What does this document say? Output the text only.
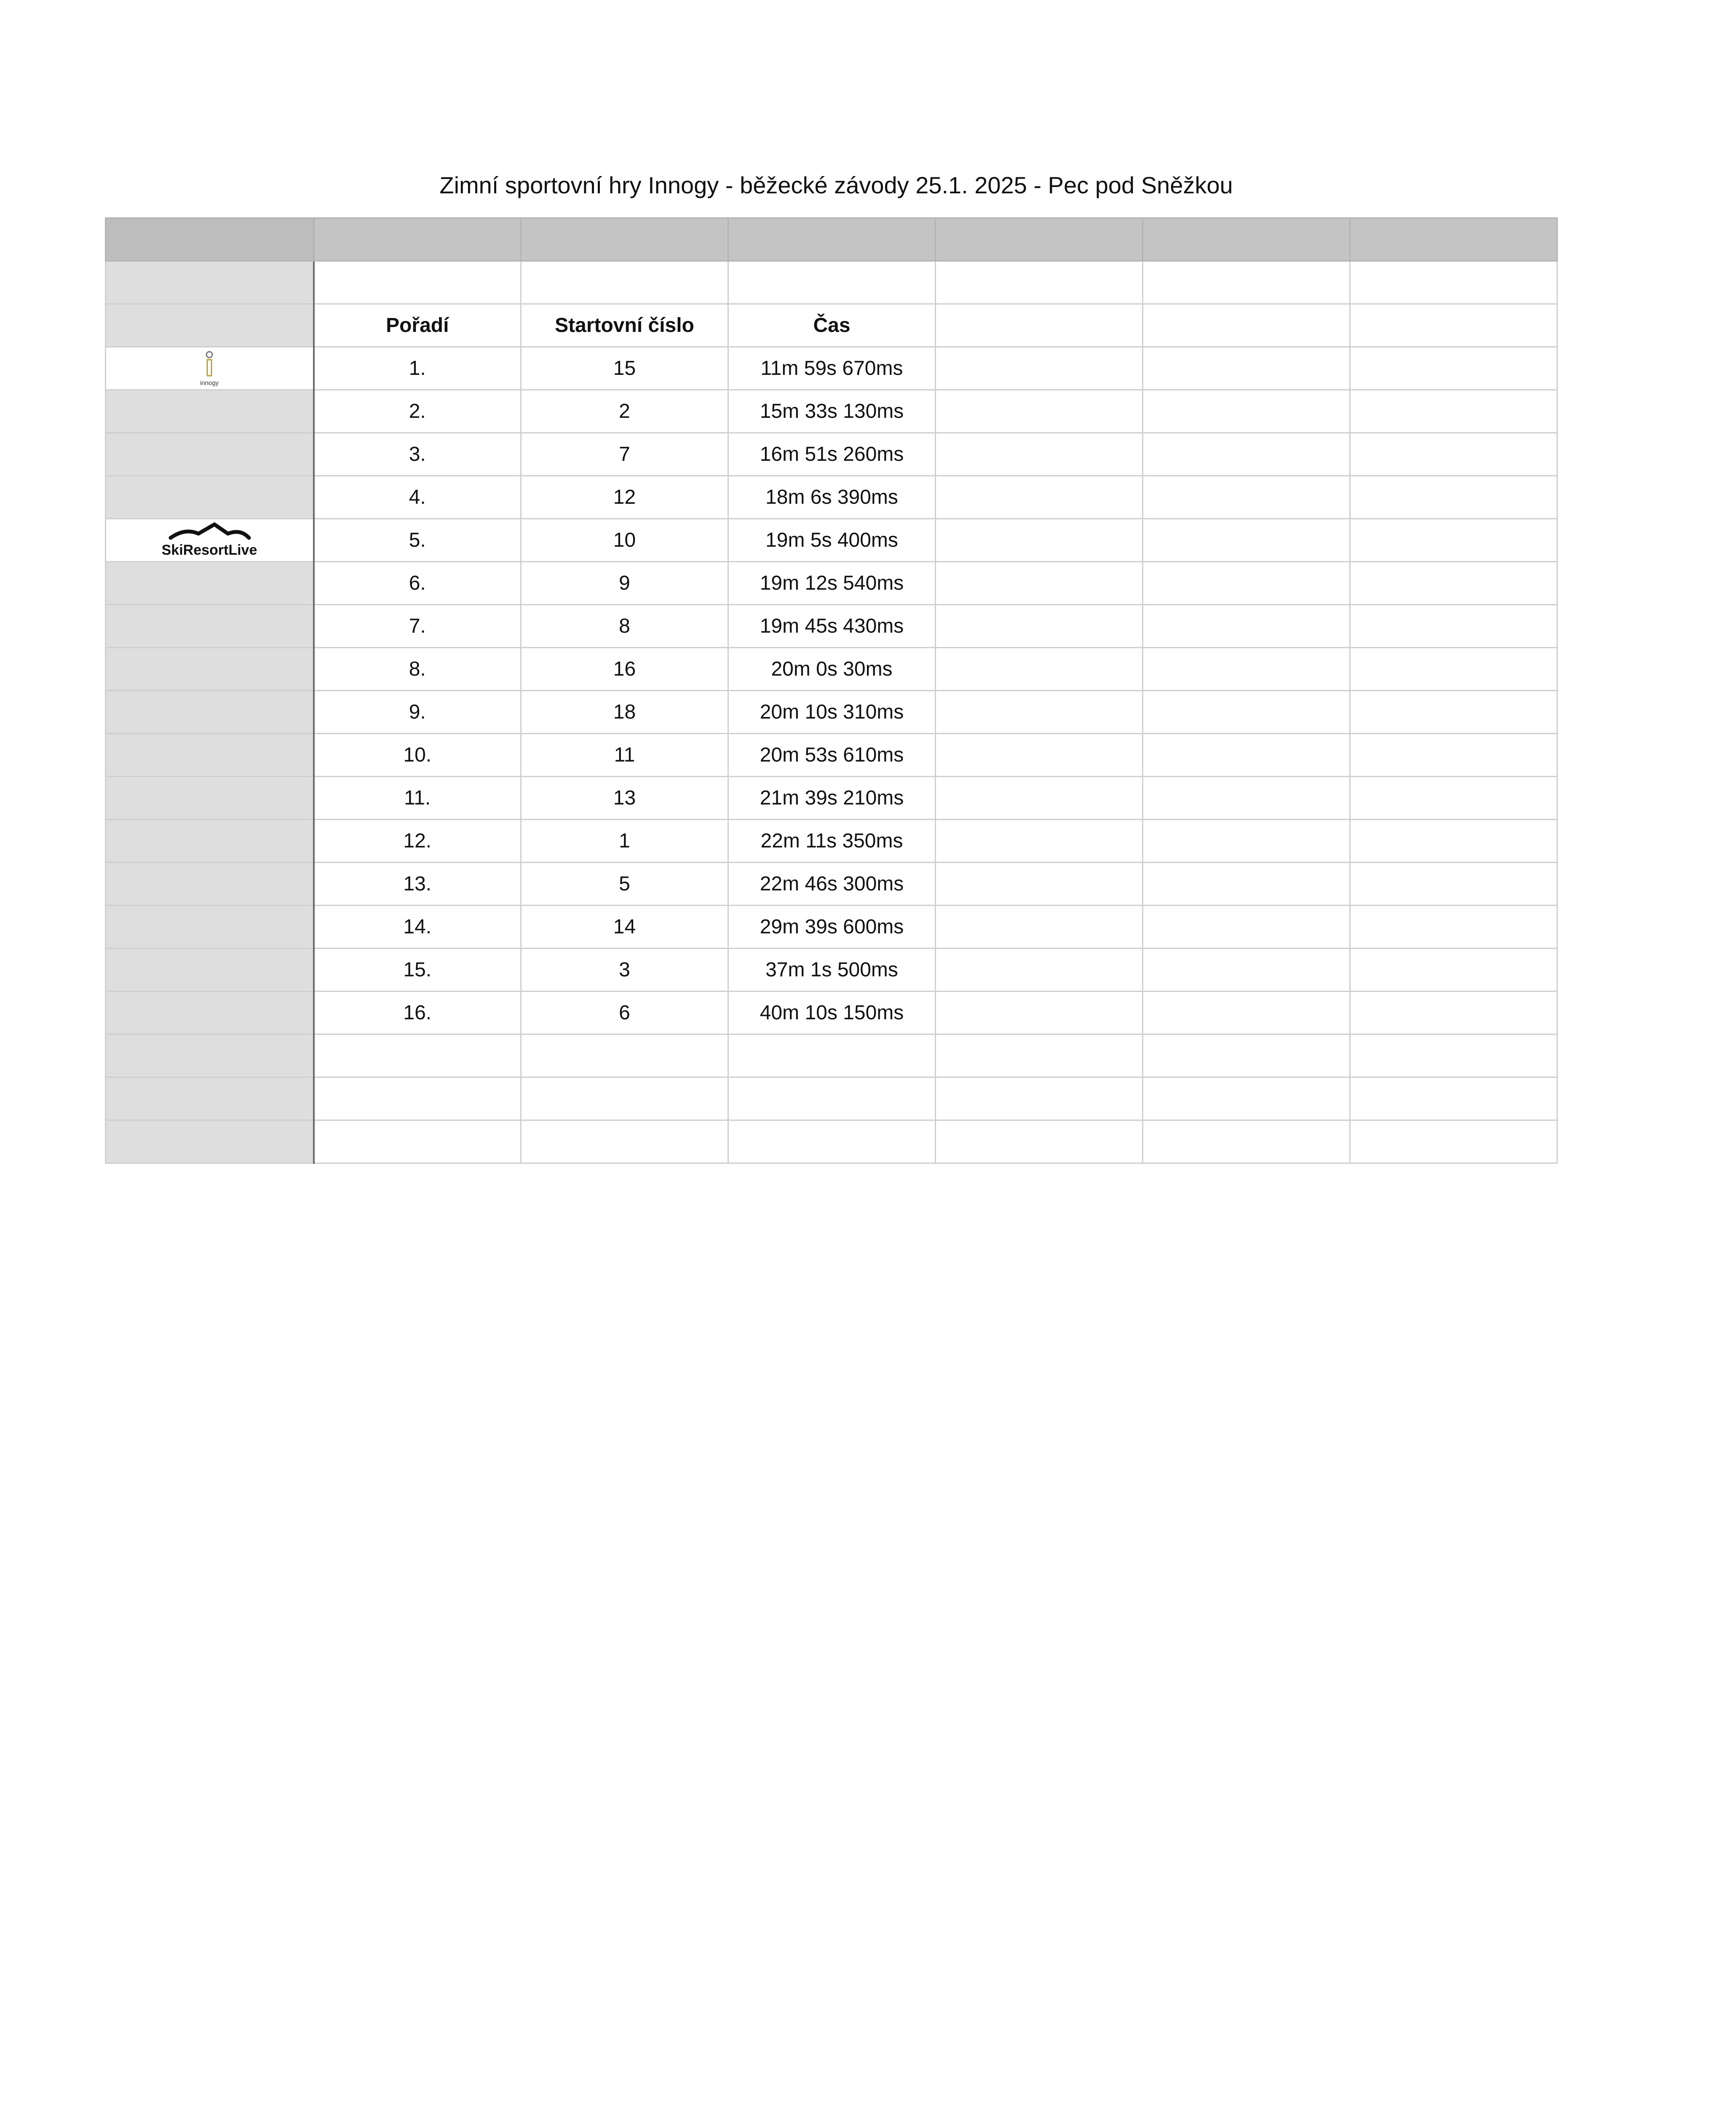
Zimní sportovní hry Innogy - běžecké závody 25.1. 2025 - Pec pod Sněžkou

	Pořadí	Startovní číslo	Čas			

innogy	1.	15	11m 59s 670ms			
	2.	2	15m 33s 130ms			
	3.	7	16m 51s 260ms			
	4.	12	18m 6s 390ms			

SkiResortLive	5.	10	19m 5s 400ms			
	6.	9	19m 12s 540ms			
	7.	8	19m 45s 430ms			
	8.	16	20m 0s 30ms			
	9.	18	20m 10s 310ms			
	10.	11	20m 53s 610ms			
	11.	13	21m 39s 210ms			
	12.	1	22m 11s 350ms			
	13.	5	22m 46s 300ms			
	14.	14	29m 39s 600ms			
	15.	3	37m 1s 500ms			
	16.	6	40m 10s 150ms			
